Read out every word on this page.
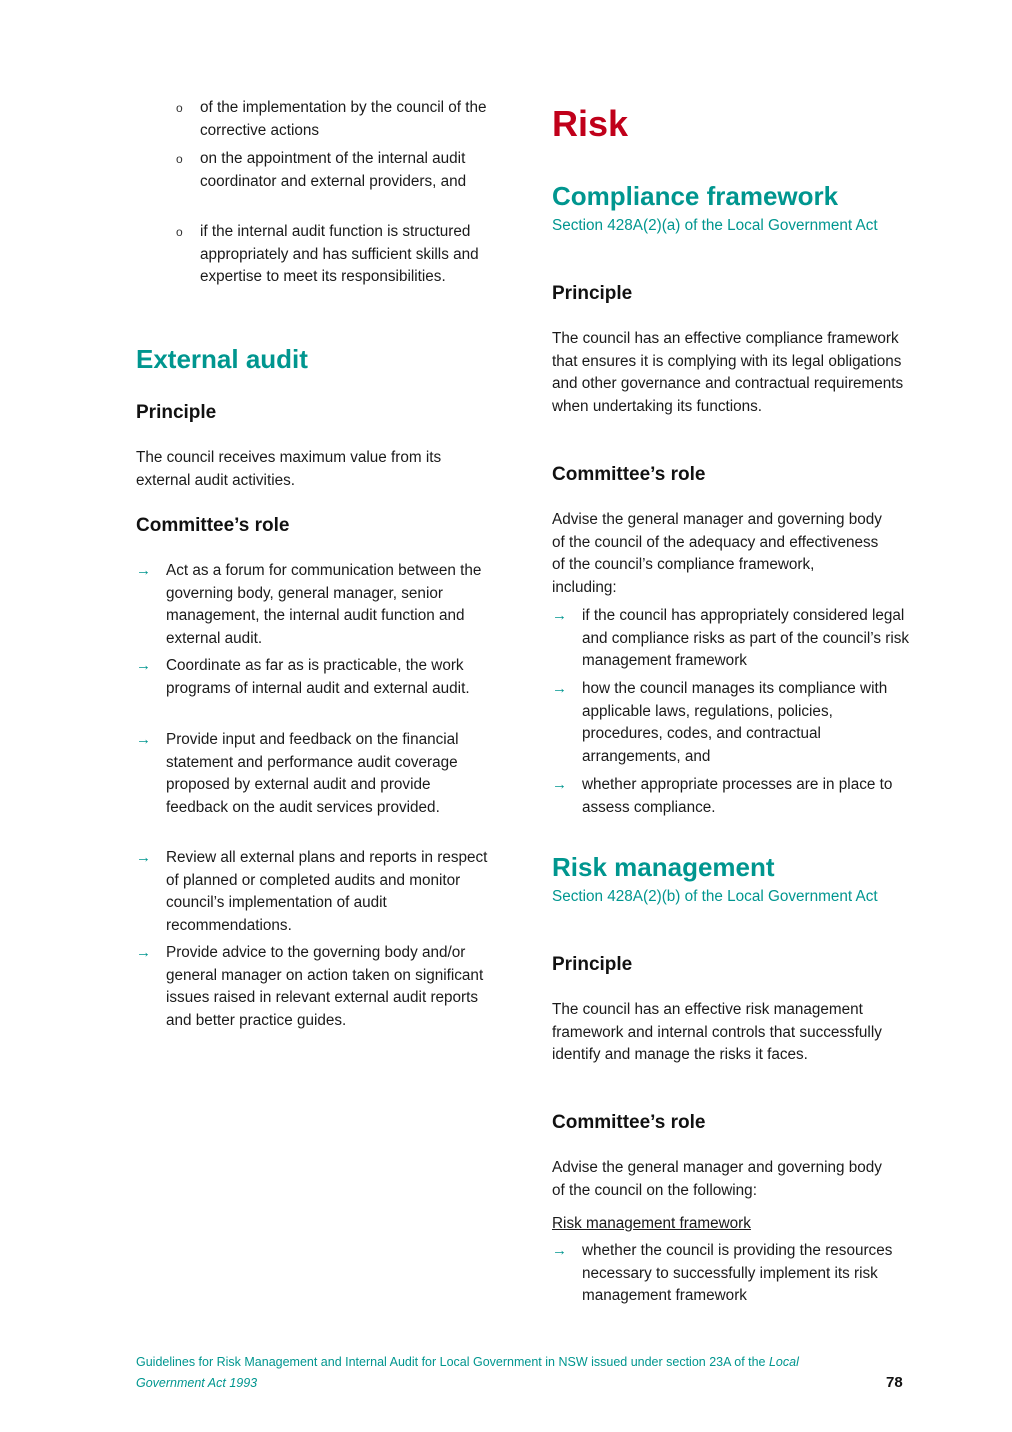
o of the implementation by the council of the corrective actions
o on the appointment of the internal audit coordinator and external providers, and
o if the internal audit function is structured appropriately and has sufficient skills and expertise to meet its responsibilities.
External audit
Principle
The council receives maximum value from its external audit activities.
Committee’s role
→ Act as a forum for communication between the governing body, general manager, senior management, the internal audit function and external audit.
→ Coordinate as far as is practicable, the work programs of internal audit and external audit.
→ Provide input and feedback on the financial statement and performance audit coverage proposed by external audit and provide feedback on the audit services provided.
→ Review all external plans and reports in respect of planned or completed audits and monitor council’s implementation of audit recommendations.
→ Provide advice to the governing body and/or general manager on action taken on significant issues raised in relevant external audit reports and better practice guides.
Risk
Compliance framework
Section 428A(2)(a) of the Local Government Act
Principle
The council has an effective compliance framework that ensures it is complying with its legal obligations and other governance and contractual requirements when undertaking its functions.
Committee’s role
Advise the general manager and governing body of the council of the adequacy and effectiveness of the council’s compliance framework, including:
→ if the council has appropriately considered legal and compliance risks as part of the council’s risk management framework
→ how the council manages its compliance with applicable laws, regulations, policies, procedures, codes, and contractual arrangements, and
→ whether appropriate processes are in place to assess compliance.
Risk management
Section 428A(2)(b) of the Local Government Act
Principle
The council has an effective risk management framework and internal controls that successfully identify and manage the risks it faces.
Committee’s role
Advise the general manager and governing body of the council on the following:
Risk management framework
→ whether the council is providing the resources necessary to successfully implement its risk management framework
Guidelines for Risk Management and Internal Audit for Local Government in NSW issued under section 23A of the Local Government Act 1993	78
